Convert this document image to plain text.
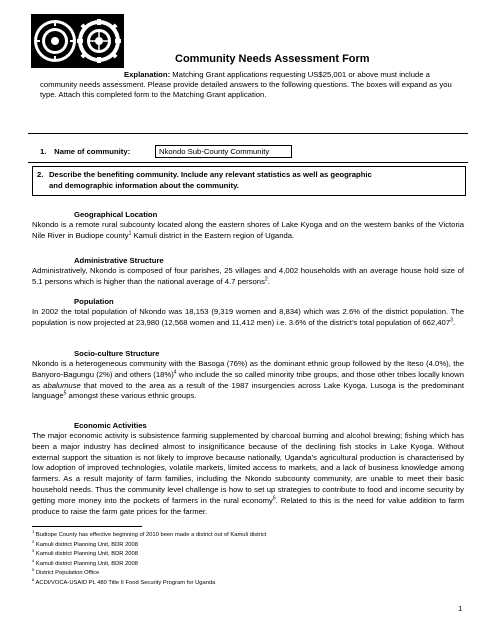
Community Needs Assessment Form
Explanation: Matching Grant applications requesting US$25,001 or above must include a community needs assessment. Please provide detailed answers to the following questions. The boxes will expand as you type. Attach this completed form to the Matching Grant application.
1. Name of community:	Nkondo Sub-County Community
2. Describe the benefiting community. Include any relevant statistics as well as geographic
and demographic information about the community.
Geographical Location
Nkondo is a remote rural subcounty located along the eastern shores of Lake Kyoga and on the western banks of the Victoria Nile River in Budiope county$^1$ Kamuli district in the Eastern region of Uganda.
Administrative Structure
Administratively, Nkondo is composed of four parishes, 25 villages and 4,002 households with an average house hold size of 5.1 persons which is higher than the national average of 4.7 persons$^2$.
Population
In 2002 the total population of Nkondo was 18,153 (9,319 women and 8,834) which was 2.6% of the district population. The population is now projected at 23,980 (12,568 women and 11,412 men) i.e. 3.6% of the district’s total population of 662,407$^3$.
Socio-culture Structure
Nkondo is a heterogeneous community with the Basoga (76%) as the dominant ethnic group followed by the Iteso (4.0%), the Banyoro-Bagungu (2%) and others $(18\%)^4$ who include the so called minority tribe groups, and those other tribes locally known as abalumuse that moved to the area as a result of the 1987 insurgencies across Lake Kyoga. Lusoga is the predominant language$^5$ amongst these various ethnic groups.
Economic Activities
The major economic activity is subsistence farming supplemented by charcoal burning and alcohol brewing; fishing which has been a major industry has declined almost to insignificance because of the declining fish stocks in Lake Kyoga. Without external support the situation is not likely to improve because nationally, Uganda’s agricultural production is characterised by low adoption of improved technologies, volatile markets, limited access to markets, and a lack of business knowledge among farmers. As a result majority of farm families, including the Nkondo subcounty community, are unable to meet their basic household needs. Thus the community level challenge is how to set up strategies to contribute to food and income security by getting more money into the pockets of farmers in the rural economy$^6$. Related to this is the need for value addition to farm produce to raise the farm gate prices for the farmer.
$^1$ Budiope County has effective beginning of 2010 been made a district out of Kamuli district
$^2$ Kamuli district Planning Unit, BDR 2008
$^3$ Kamuli district Planning Unit, BDR 2008
$^4$ Kamuli district Planning Unit, BDR 2008
$^5$ District Population Office
$^6$ ACDI/VOCA-USAID PL 480 Title II Food Security Program for Uganda
1
